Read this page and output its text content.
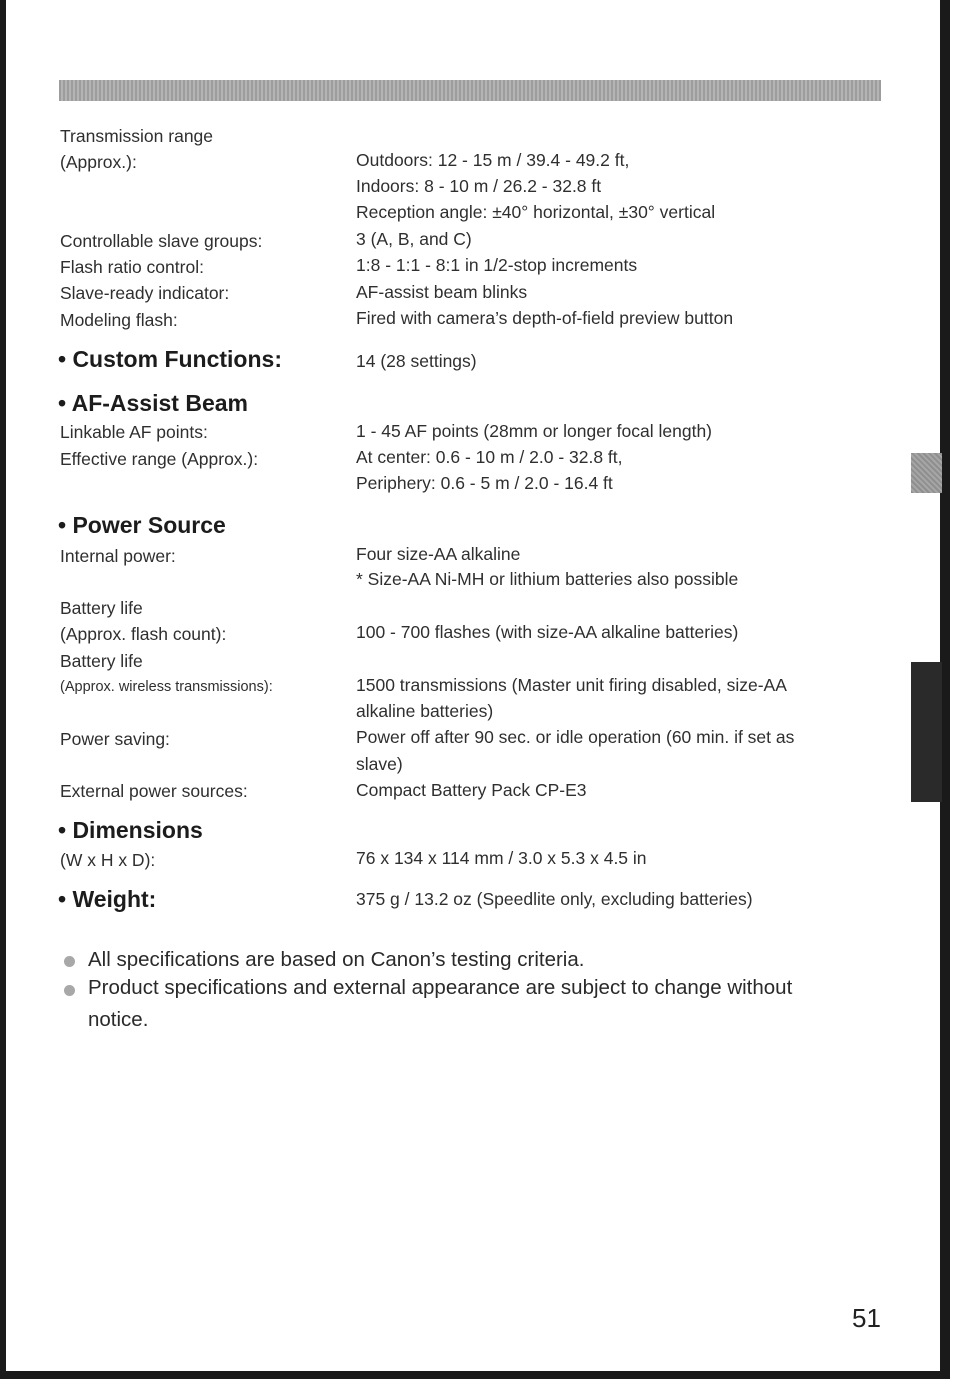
Transmission range
(Approx.):	Outdoors: 12 - 15 m / 39.4 - 49.2 ft,
Indoors: 8 - 10 m / 26.2 - 32.8 ft
Reception angle: ±40° horizontal, ±30° vertical
Controllable slave groups:	3 (A, B, and C)
Flash ratio control:	1:8 - 1:1 - 8:1 in 1/2-stop increments
Slave-ready indicator:	AF-assist beam blinks
Modeling flash:	Fired with camera’s depth-of-field preview button
• Custom Functions:	14 (28 settings)
• AF-Assist Beam
Linkable AF points:	1 - 45 AF points (28mm or longer focal length)
Effective range (Approx.):	At center: 0.6 - 10 m / 2.0 - 32.8 ft,
Periphery: 0.6 - 5 m / 2.0 - 16.4 ft
• Power Source
Internal power:	Four size-AA alkaline
* Size-AA Ni-MH or lithium batteries also possible
Battery life
(Approx. flash count):	100 - 700 flashes (with size-AA alkaline batteries)
Battery life
(Approx. wireless transmissions):	1500 transmissions (Master unit firing disabled, size-AA
alkaline batteries)
Power saving:	Power off after 90 sec. or idle operation (60 min. if set as
slave)
External power sources:	Compact Battery Pack CP-E3
• Dimensions
(W x H x D):	76 x 134 x 114 mm / 3.0 x 5.3 x 4.5 in
• Weight:	375 g / 13.2 oz (Speedlite only, excluding batteries)
All specifications are based on Canon’s testing criteria.
Product specifications and external appearance are subject to change without
notice.
51
